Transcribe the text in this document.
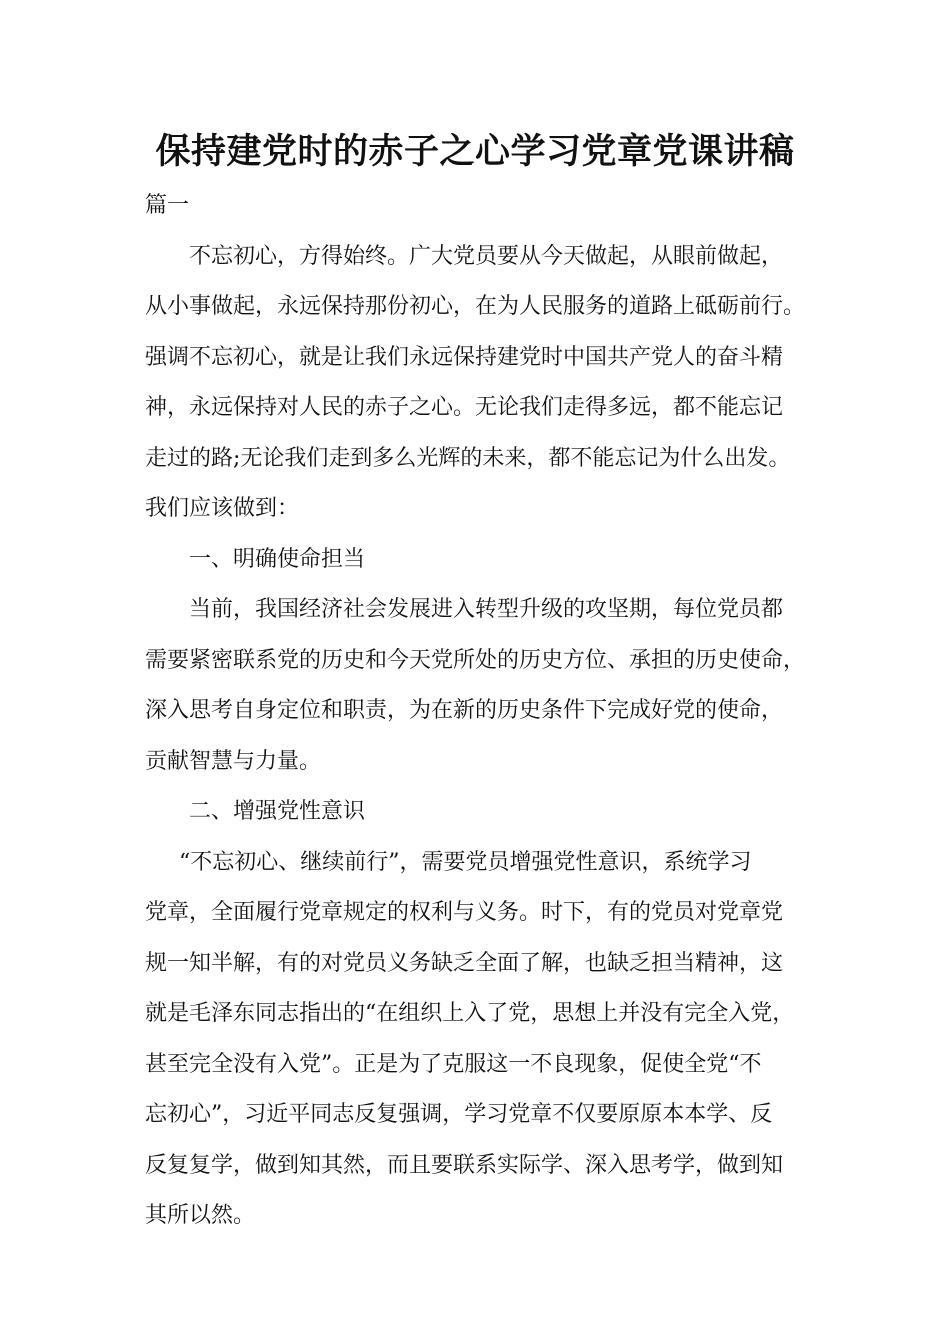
保持建党时的赤子之心学习党章党课讲稿

篇一

不忘初心，方得始终。广大党员要从今天做起，从眼前做起，
从小事做起，永远保持那份初心，在为人民服务的道路上砥砺前行。
强调不忘初心，就是让我们永远保持建党时中国共产党人的奋斗精
神，永远保持对人民的赤子之心。无论我们走得多远，都不能忘记
走过的路;无论我们走到多么光辉的未来，都不能忘记为什么出发。
我们应该做到：

一、明确使命担当

当前，我国经济社会发展进入转型升级的攻坚期，每位党员都
需要紧密联系党的历史和今天党所处的历史方位、承担的历史使命，
深入思考自身定位和职责，为在新的历史条件下完成好党的使命，
贡献智慧与力量。

二、增强党性意识

“不忘初心、继续前行”，需要党员增强党性意识，系统学习
党章，全面履行党章规定的权利与义务。时下，有的党员对党章党
规一知半解，有的对党员义务缺乏全面了解，也缺乏担当精神，这
就是毛泽东同志指出的“在组织上入了党，思想上并没有完全入党，
甚至完全没有入党”。正是为了克服这一不良现象，促使全党“不
忘初心”，习近平同志反复强调，学习党章不仅要原原本本学、反
反复复学，做到知其然，而且要联系实际学、深入思考学，做到知
其所以然。
